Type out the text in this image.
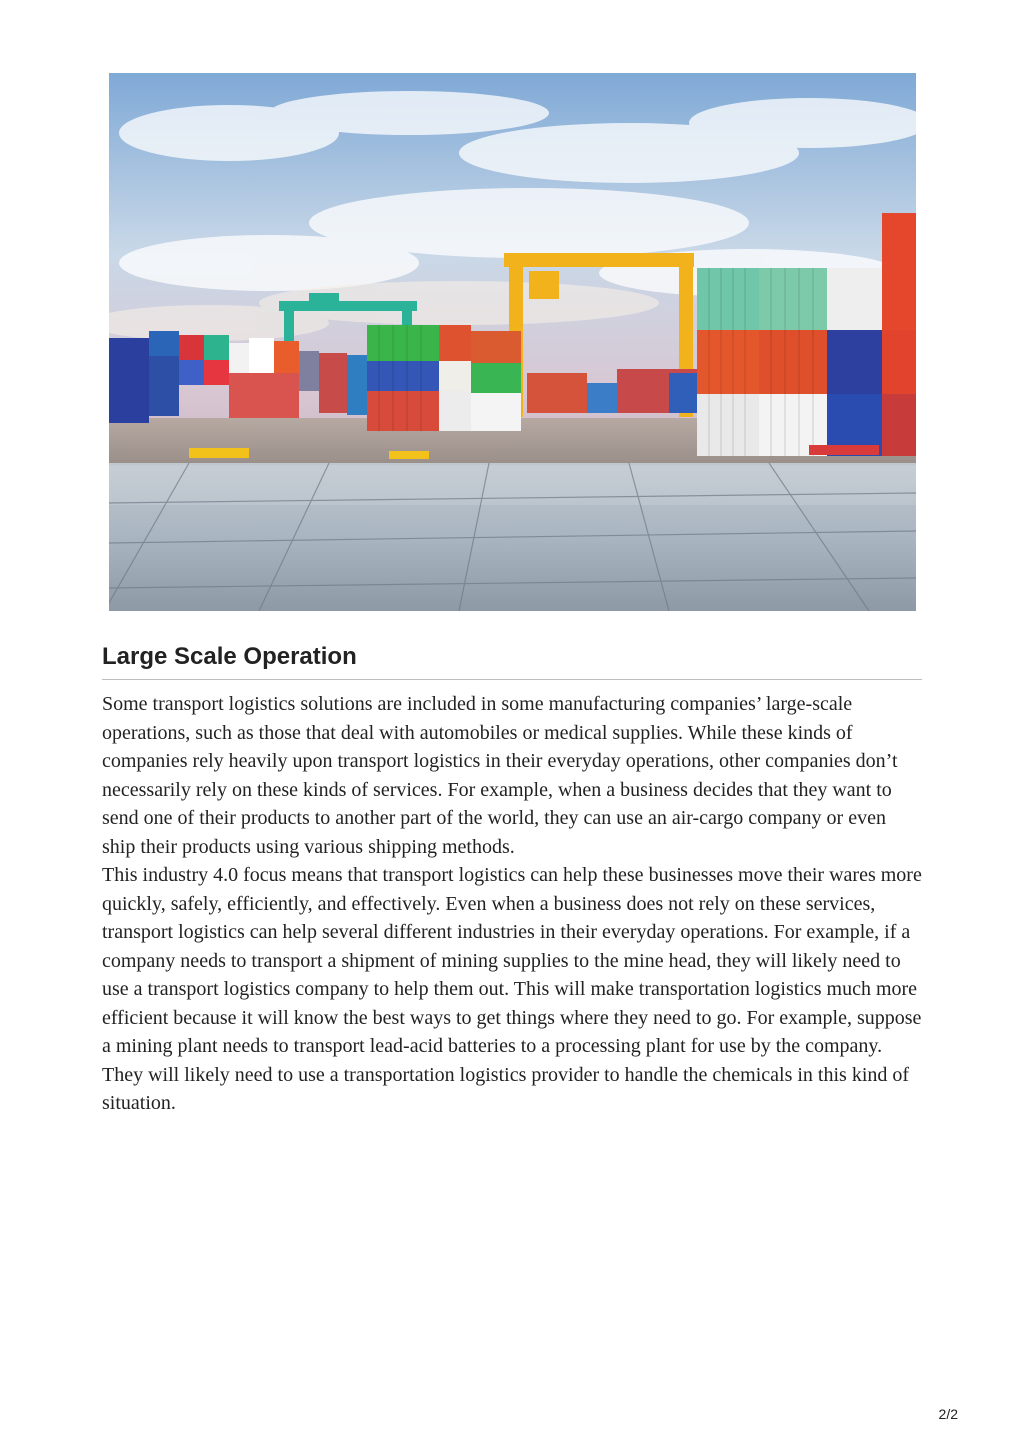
Large Scale Operation

Some transport logistics solutions are included in some manufacturing companies’ large-scale operations, such as those that deal with automobiles or medical supplies. While these kinds of companies rely heavily upon transport logistics in their everyday operations, other companies don’t necessarily rely on these kinds of services. For example, when a business decides that they want to send one of their products to another part of the world, they can use an air-cargo company or even ship their products using various shipping methods.

This industry 4.0 focus means that transport logistics can help these businesses move their wares more quickly, safely, efficiently, and effectively. Even when a business does not rely on these services, transport logistics can help several different industries in their everyday operations. For example, if a company needs to transport a shipment of mining supplies to the mine head, they will likely need to use a transport logistics company to help them out. This will make transportation logistics much more efficient because it will know the best ways to get things where they need to go. For example, suppose a mining plant needs to transport lead-acid batteries to a processing plant for use by the company. They will likely need to use a transportation logistics provider to handle the chemicals in this kind of situation.

2/2
